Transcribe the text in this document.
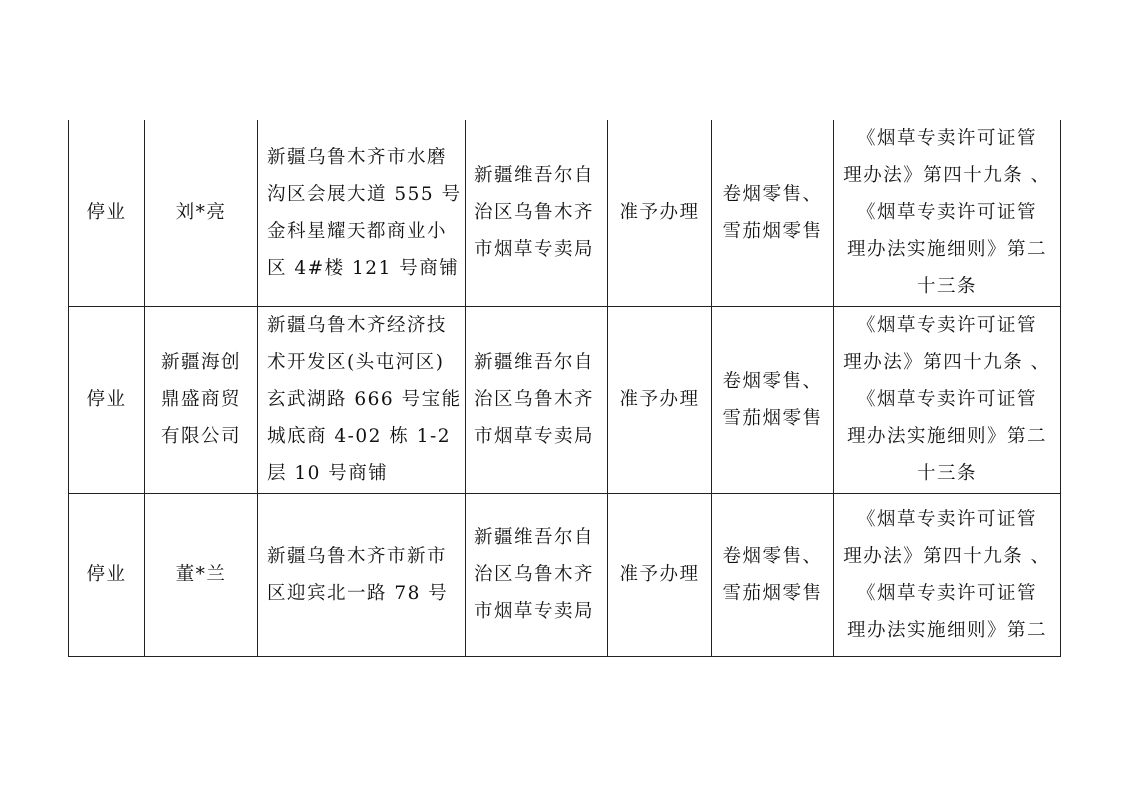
停业	刘*亮	新疆乌鲁木齐市水磨
沟区会展大道 555 号
金科星耀天都商业小
区 4#楼 121 号商铺	新疆维吾尔自
治区乌鲁木齐
市烟草专卖局	准予办理	卷烟零售、
雪茄烟零售	《烟草专卖许可证管
理办法》第四十九条 、
《烟草专卖许可证管
理办法实施细则》第二
十三条

停业	新疆海创
鼎盛商贸
有限公司	新疆乌鲁木齐经济技
术开发区(头屯河区)
玄武湖路 666 号宝能
城底商 4-02 栋 1-2
层 10 号商铺	新疆维吾尔自
治区乌鲁木齐
市烟草专卖局	准予办理	卷烟零售、
雪茄烟零售	《烟草专卖许可证管
理办法》第四十九条 、
《烟草专卖许可证管
理办法实施细则》第二
十三条

停业	董*兰	新疆乌鲁木齐市新市
区迎宾北一路 78 号	新疆维吾尔自
治区乌鲁木齐
市烟草专卖局	准予办理	卷烟零售、
雪茄烟零售	《烟草专卖许可证管
理办法》第四十九条 、
《烟草专卖许可证管
理办法实施细则》第二
